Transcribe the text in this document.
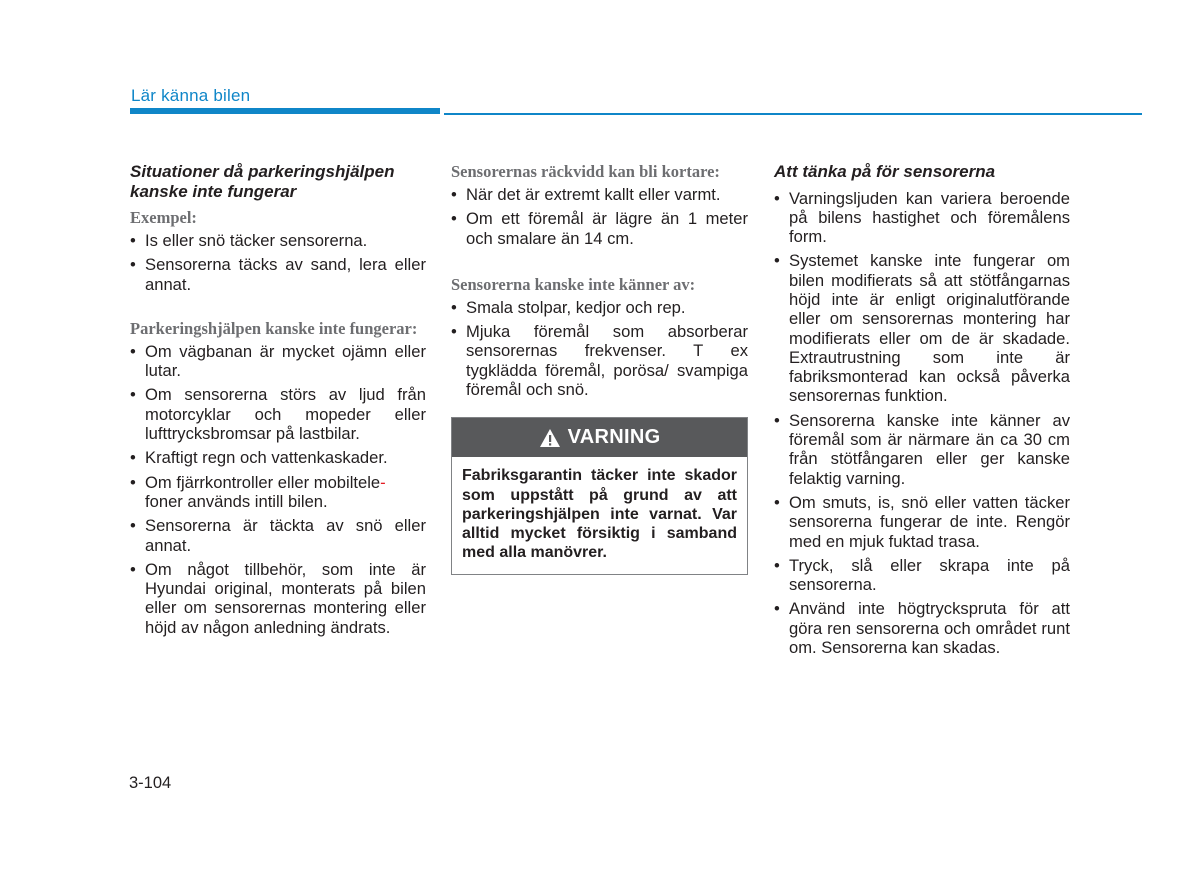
Lär känna bilen
Situationer då parkeringshjälpen kanske inte fungerar
Exempel:
• Is eller snö täcker sensorerna.
• Sensorerna täcks av sand, lera eller annat.
Parkeringshjälpen kanske inte fungerar:
• Om vägbanan är mycket ojämn eller lutar.
• Om sensorerna störs av ljud från motorcyklar och mopeder eller lufttrycksbromsar på lastbilar.
• Kraftigt regn och vattenkaskader.
• Om fjärrkontroller eller mobiltele-
foner används intill bilen.
• Sensorerna är täckta av snö eller annat.
• Om något tillbehör, som inte är Hyundai original, monterats på bilen eller om sensorernas montering eller höjd av någon anledning ändrats.
Sensorernas räckvidd kan bli kortare:
• När det är extremt kallt eller varmt.
• Om ett föremål är lägre än 1 meter och smalare än 14 cm.
Sensorerna kanske inte känner av:
• Smala stolpar, kedjor och rep.
• Mjuka föremål som absorberar sensorernas frekvenser. T ex tygklädda föremål, porösa/ svampiga föremål och snö.
VARNING
Fabriksgarantin täcker inte skador som uppstått på grund av att parkeringshjälpen inte varnat. Var alltid mycket försiktig i samband med alla manövrer.
Att tänka på för sensorerna
• Varningsljuden kan variera beroende på bilens hastighet och föremålens form.
• Systemet kanske inte fungerar om bilen modifierats så att stötfångarnas höjd inte är enligt originalutförande eller om sensorernas montering har modifierats eller om de är skadade. Extrautrustning som inte är fabriksmonterad kan också påverka sensorernas funktion.
• Sensorerna kanske inte känner av föremål som är närmare än ca 30 cm från stötfångaren eller ger kanske felaktig varning.
• Om smuts, is, snö eller vatten täcker sensorerna fungerar de inte. Rengör med en mjuk fuktad trasa.
• Tryck, slå eller skrapa inte på sensorerna.
• Använd inte högtryckspruta för att göra ren sensorerna och området runt om. Sensorerna kan skadas.
3-104
